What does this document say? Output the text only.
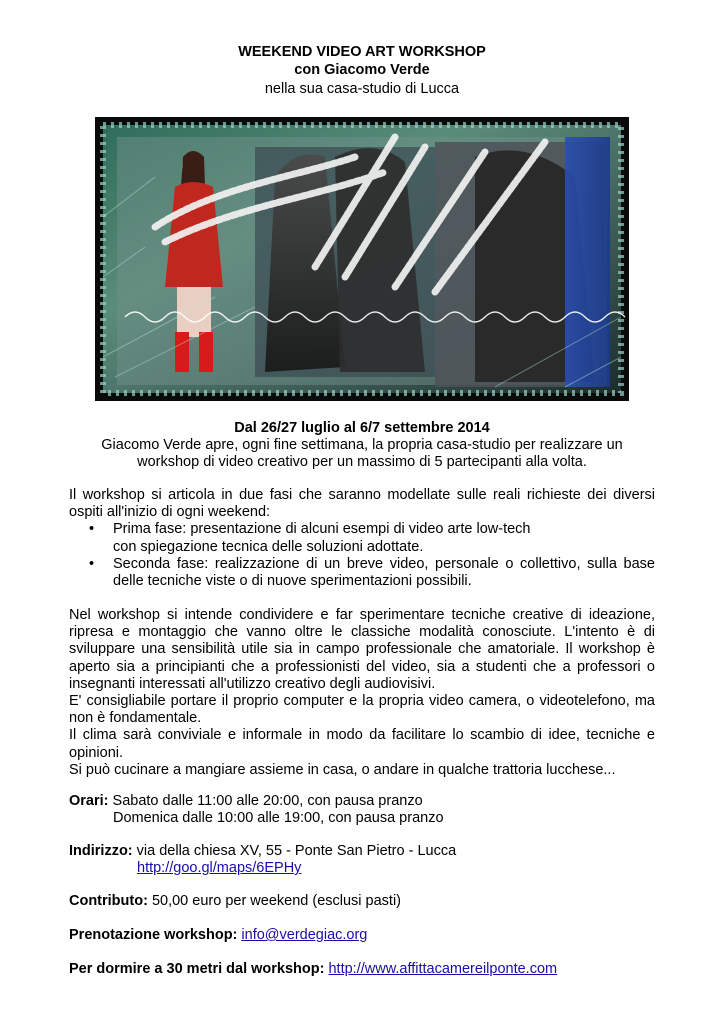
WEEKEND VIDEO ART WORKSHOP
con Giacomo Verde
nella sua casa-studio di Lucca
Dal 26/27 luglio al 6/7 settembre 2014
Giacomo Verde apre, ogni fine settimana, la propria casa-studio per realizzare un
workshop di video creativo per un massimo di 5 partecipanti alla volta.

Il workshop si articola in due fasi che saranno modellate sulle reali richieste dei diversi ospiti all'inizio di ogni weekend:

• Prima fase: presentazione di alcuni esempi di video arte low-tech

con spiegazione tecnica delle soluzioni adottate.

• Seconda fase: realizzazione di un breve video, personale o collettivo, sulla base delle tecniche viste o di nuove sperimentazioni possibili.

Nel workshop si intende condividere e far sperimentare tecniche creative di ideazione, ripresa e montaggio che vanno oltre le classiche modalità conosciute. L'intento è di sviluppare una sensibilità utile sia in campo professionale che amatoriale. Il workshop è aperto sia a principianti che a professionisti del video, sia a studenti che a professori o insegnanti interessati all'utilizzo creativo degli audiovisivi.

E' consigliabile portare il proprio computer e la propria video camera, o videotelefono, ma non è fondamentale.

Il clima sarà conviviale e informale in modo da facilitare lo scambio di idee, tecniche e opinioni.

Si può cucinare a mangiare assieme in casa, o andare in qualche trattoria lucchese...

Orari: Sabato dalle 11:00 alle 20:00, con pausa pranzo
Domenica dalle 10:00 alle 19:00, con pausa pranzo
Indirizzo: via della chiesa XV, 55 - Ponte San Pietro - Lucca
http://goo.gl/maps/6EPHy
Contributo: 50,00 euro per weekend (esclusi pasti)
Prenotazione workshop: info@verdegiac.org
Per dormire a 30 metri dal workshop: http://www.affittacamereilponte.com
